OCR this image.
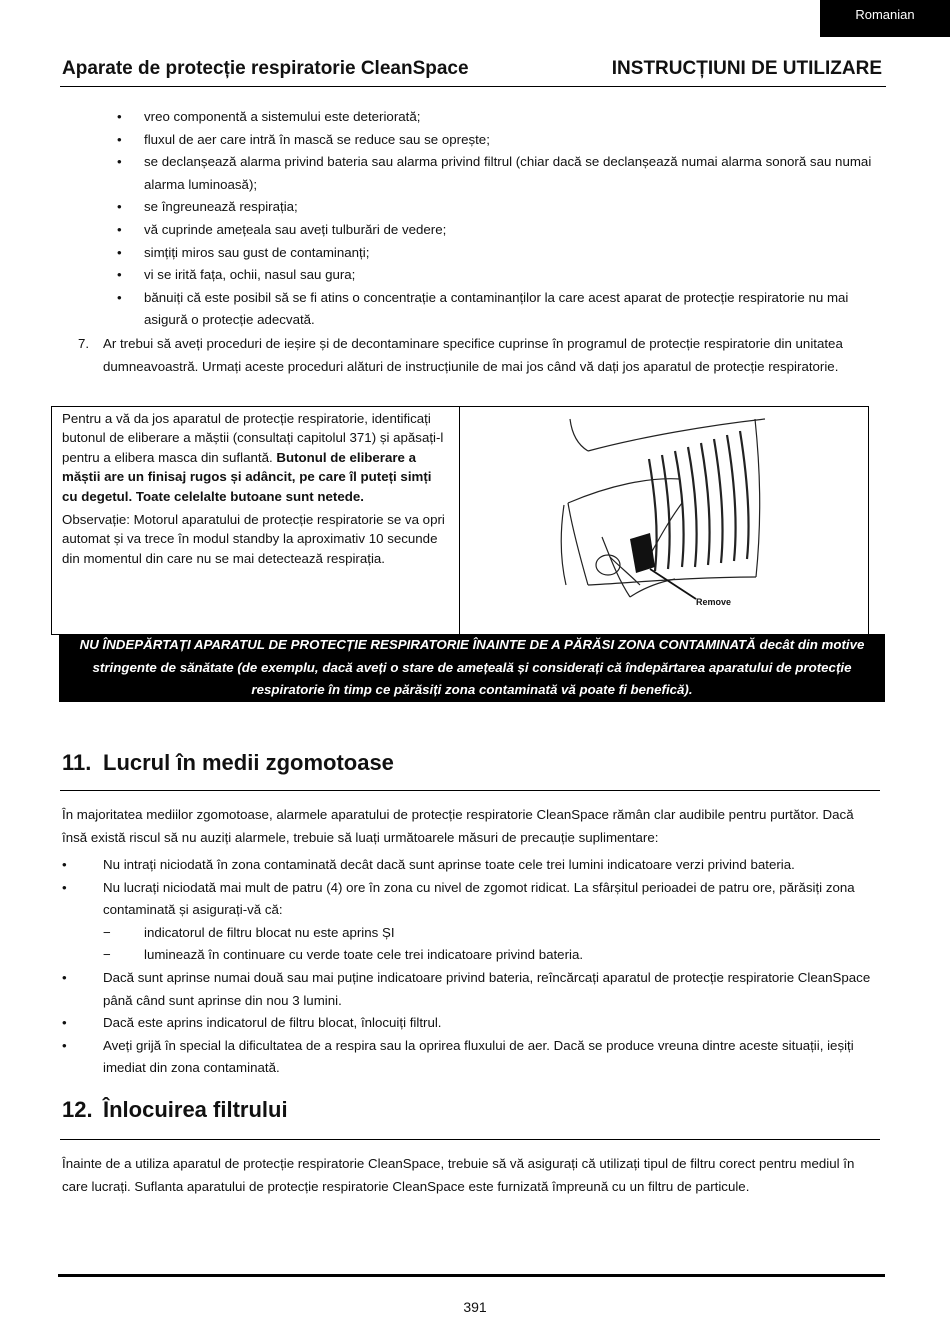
Romanian
Aparate de protecție respiratorie CleanSpace	INSTRUCȚIUNI DE UTILIZARE
• vreo componentă a sistemului este deteriorată;
• fluxul de aer care intră în mască se reduce sau se oprește;
• se declanșează alarma privind bateria sau alarma privind filtrul (chiar dacă se declanșează numai alarma sonoră sau numai alarma luminoasă);
• se îngreunează respirația;
• vă cuprinde amețeala sau aveți tulburări de vedere;
• simțiți miros sau gust de contaminanți;
• vi se irită fața, ochii, nasul sau gura;
• bănuiți că este posibil să se fi atins o concentrație a contaminanților la care acest aparat de protecție respiratorie nu mai asigură o protecție adecvată.
7.	Ar trebui să aveți proceduri de ieșire și de decontaminare specifice cuprinse în programul de protecție respiratorie din unitatea dumneavoastră. Urmați aceste proceduri alături de instrucțiunile de mai jos când vă dați jos aparatul de protecție respiratorie.

Pentru a vă da jos aparatul de protecție respiratorie, identificați butonul de eliberare a măștii (consultați capitolul 371) și apăsați-l pentru a elibera masca din suflantă. Butonul de eliberare a măștii are un finisaj rugos și adâncit, pe care îl puteți simți cu degetul. Toate celelalte butoane sunt netede.

Observație: Motorul aparatului de protecție respiratorie se va opri automat și va trece în modul standby la aproximativ 10 secunde din momentul din care nu se mai detectează respirația.

Remove
NU ÎNDEPĂRTAȚI APARATUL DE PROTECȚIE RESPIRATORIE ÎNAINTE DE A PĂRĂSI ZONA CONTAMINATĂ decât din motive stringente de sănătate (de exemplu, dacă aveți o stare de amețeală și considerați că îndepărtarea aparatului de protecție respiratorie în timp ce părăsiți zona contaminată vă poate fi benefică).
11. Lucrul în medii zgomotoase
În majoritatea mediilor zgomotoase, alarmele aparatului de protecție respiratorie CleanSpace rămân clar audibile pentru purtător. Dacă însă există riscul să nu auziți alarmele, trebuie să luați următoarele măsuri de precauție suplimentare:
•	Nu intrați niciodată în zona contaminată decât dacă sunt aprinse toate cele trei lumini indicatoare verzi privind bateria.
•	Nu lucrați niciodată mai mult de patru (4) ore în zona cu nivel de zgomot ridicat. La sfârșitul perioadei de patru ore, părăsiți zona contaminată și asigurați-vă că:
− indicatorul de filtru blocat nu este aprins ȘI
− luminează în continuare cu verde toate cele trei indicatoare privind bateria.
•	Dacă sunt aprinse numai două sau mai puține indicatoare privind bateria, reîncărcați aparatul de protecție respiratorie CleanSpace până când sunt aprinse din nou 3 lumini.
•	Dacă este aprins indicatorul de filtru blocat, înlocuiți filtrul.
•	Aveți grijă în special la dificultatea de a respira sau la oprirea fluxului de aer. Dacă se produce vreuna dintre aceste situații, ieșiți imediat din zona contaminată.
12. Înlocuirea filtrului
Înainte de a utiliza aparatul de protecție respiratorie CleanSpace, trebuie să vă asigurați că utilizați tipul de filtru corect pentru mediul în care lucrați. Suflanta aparatului de protecție respiratorie CleanSpace este furnizată împreună cu un filtru de particule.
391
